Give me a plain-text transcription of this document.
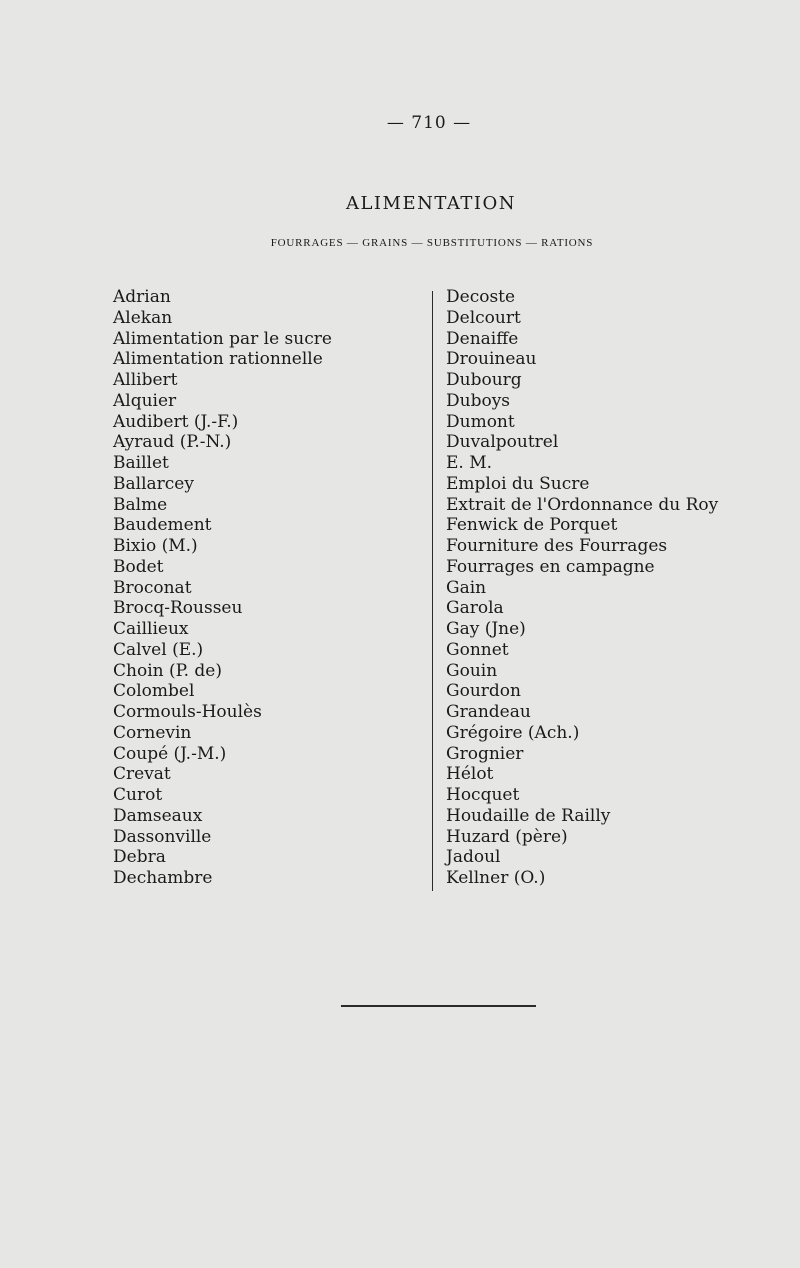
— 710 —
ALIMENTATION
FOURRAGES — GRAINS — SUBSTITUTIONS — RATIONS
Adrian
Alekan
Alimentation par le sucre
Alimentation rationnelle
Allibert
Alquier
Audibert (J.-F.)
Ayraud (P.-N.)
Baillet
Ballarcey
Balme
Baudement
Bixio (M.)
Bodet
Broconat
Brocq-Rousseu
Caillieux
Calvel (E.)
Choin (P. de)
Colombel
Cormouls-Houlès
Cornevin
Coupé (J.-M.)
Crevat
Curot
Damseaux
Dassonville
Debra
Dechambre
Decoste
Delcourt
Denaiffe
Drouineau
Dubourg
Duboys
Dumont
Duvalpoutrel
E. M.
Emploi du Sucre
Extrait de l'Ordonnance du Roy
Fenwick de Porquet
Fourniture des Fourrages
Fourrages en campagne
Gain
Garola
Gay (Jne)
Gonnet
Gouin
Gourdon
Grandeau
Grégoire (Ach.)
Grognier
Hélot
Hocquet
Houdaille de Railly
Huzard (père)
Jadoul
Kellner (O.)
